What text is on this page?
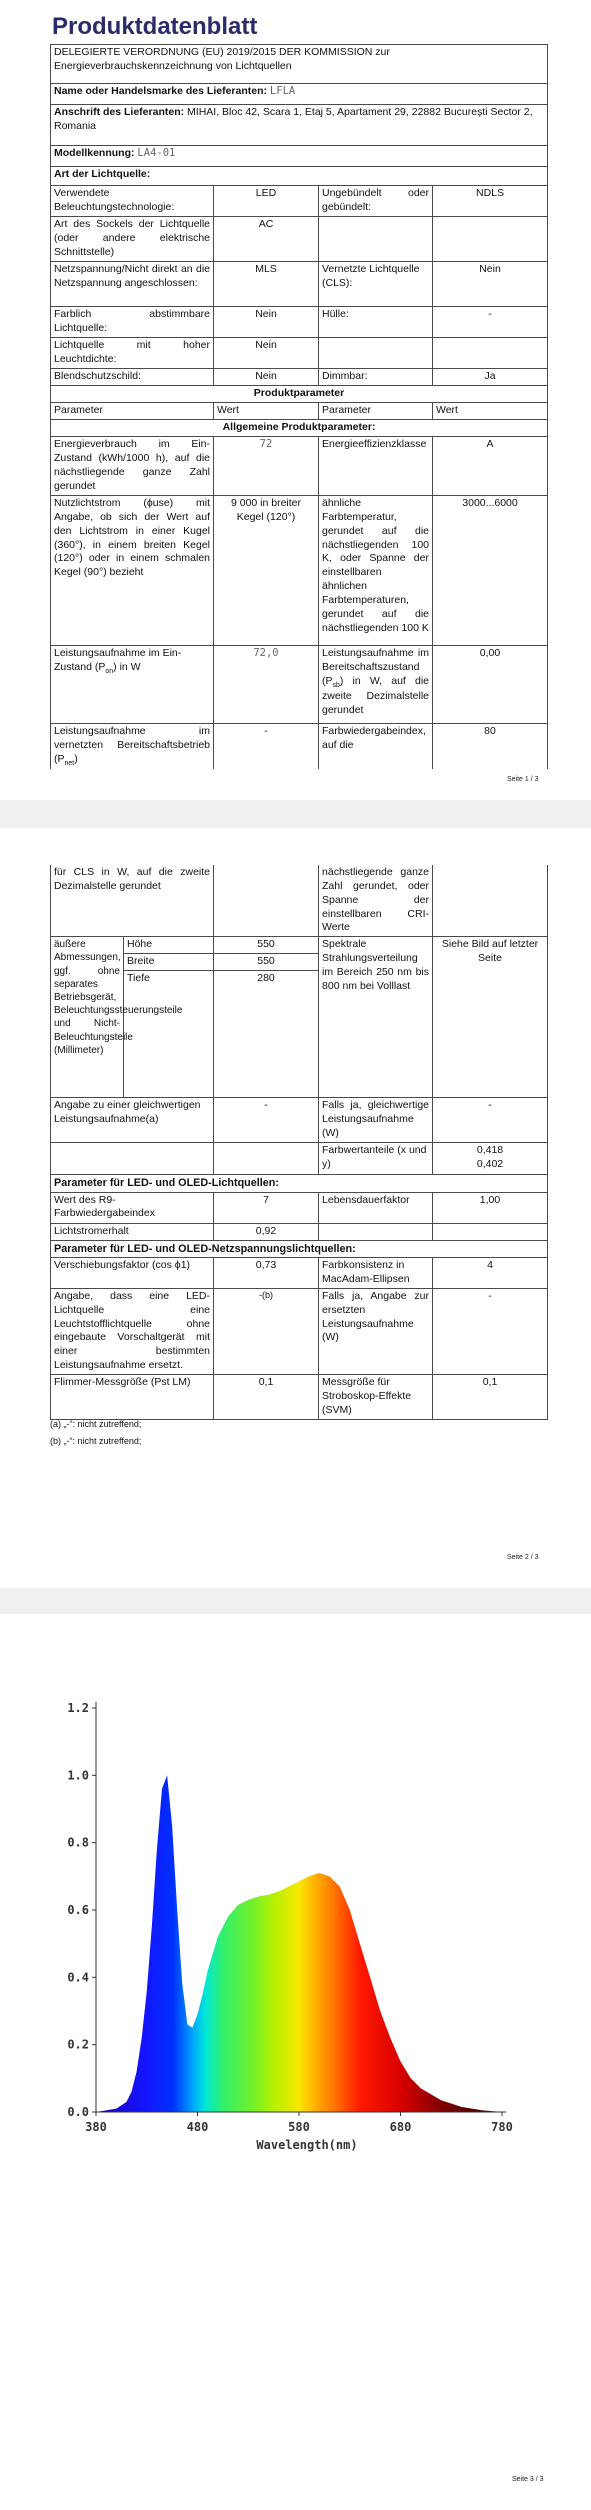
Produktdatenblatt
DELEGIERTE VERORDNUNG (EU) 2019/2015 DER KOMMISSION zur Energieverbrauchskennzeichnung von Lichtquellen			
Name oder Handelsmarke des Lieferanten: LFLA			
Anschrift des Lieferanten: MIHAI, Bloc 42, Scara 1, Etaj 5, Apartament 29, 22882 București Sector 2, Romania			
Modellkennung: LA4-01			
Art der Lichtquelle:			
Verwendete Beleuchtungstechnologie:	LED	Ungebündelt oder gebündelt:	NDLS
Art des Sockels der Lichtquelle (oder andere elektrische Schnittstelle)	AC		
Netzspannung/Nicht direkt an die Netzspannung angeschlossen:	MLS	Vernetzte Lichtquelle (CLS):	Nein
Farblich abstimmbare Lichtquelle:	Nein	Hülle:	-
Lichtquelle mit hoher Leuchtdichte:	Nein		
Blendschutzschild:	Nein	Dimmbar:	Ja
Produktparameter			
Parameter	Wert	Parameter	Wert
Allgemeine Produktparameter:			
Energieverbrauch im Ein-Zustand (kWh/1000 h), auf die nächstliegende ganze Zahl gerundet	72	Energieeffizienzklasse	A
Nutzlichtstrom (ϕuse) mit Angabe, ob sich der Wert auf den Lichtstrom in einer Kugel (360°), in einem breiten Kegel (120°) oder in einem schmalen Kegel (90°) bezieht	9 000 in breiter Kegel (120°)	ähnliche Farbtemperatur, gerundet auf die nächstliegenden 100 K, oder Spanne der einstellbaren ähnlichen Farbtemperaturen, gerundet auf die nächstliegenden 100 K	3000...6000
Leistungsaufnahme im Ein-Zustand $(P_{on})$ in W	72,0	Leistungsaufnahme im Bereitschaftszustand $(P_{sb})$ in W, auf die zweite Dezimalstelle gerundet	0,00
Leistungsaufnahme im vernetzten Bereitschaftsbetrieb $(P_{net})$	-	Farbwiedergabeindex, auf die	80
Seite 1 / 3
für CLS in W, auf die zweite Dezimalstelle gerundet			nächstliegende ganze Zahl gerundet, oder Spanne der einstellbaren CRI-Werte	
äußere Abmessungen, ggf. ohne separates Betriebsgerät, Beleuchtungssteuerungsteile und Nicht-Beleuchtungsteile (Millimeter)	Höhe	550	Spektrale Strahlungsverteilung im Bereich 250 nm bis 800 nm bei Volllast	Siehe Bild auf letzter Seite
	Breite	550		
	Tiefe	280		
Angabe zu einer gleichwertigen Leistungsaufnahme(a)		-	Falls ja, gleichwertige Leistungsaufnahme (W)	-
			Farbwertanteile (x und y)	0,418
0,402
Parameter für LED- und OLED-Lichtquellen:				
Wert des R9-Farbwiedergabeindex		7	Lebensdauerfaktor	1,00
Lichtstromerhalt		0,92		
Parameter für LED- und OLED-Netzspannungslichtquellen:				
Verschiebungsfaktor (cos ϕ1)		0,73	Farbkonsistenz in MacAdam-Ellipsen	4
Angabe, dass eine LED-Lichtquelle eine Leuchtstofflichtquelle ohne eingebaute Vorschaltgerät mit einer bestimmten Leistungsaufnahme ersetzt.		-(b)	Falls ja, Angabe zur ersetzten Leistungsaufnahme (W)	-
Flimmer-Messgröße (Pst LM)		0,1	Messgröße für Stroboskop-Effekte (SVM)	0,1
(a) „-“: nicht zutreffend;
(b) „-“: nicht zutreffend;
Seite 2 / 3
0.0
0.2
0.4
0.6
0.8
1.0
1.2
380	480	580	680	780
Wavelength(nm)
Seite 3 / 3
